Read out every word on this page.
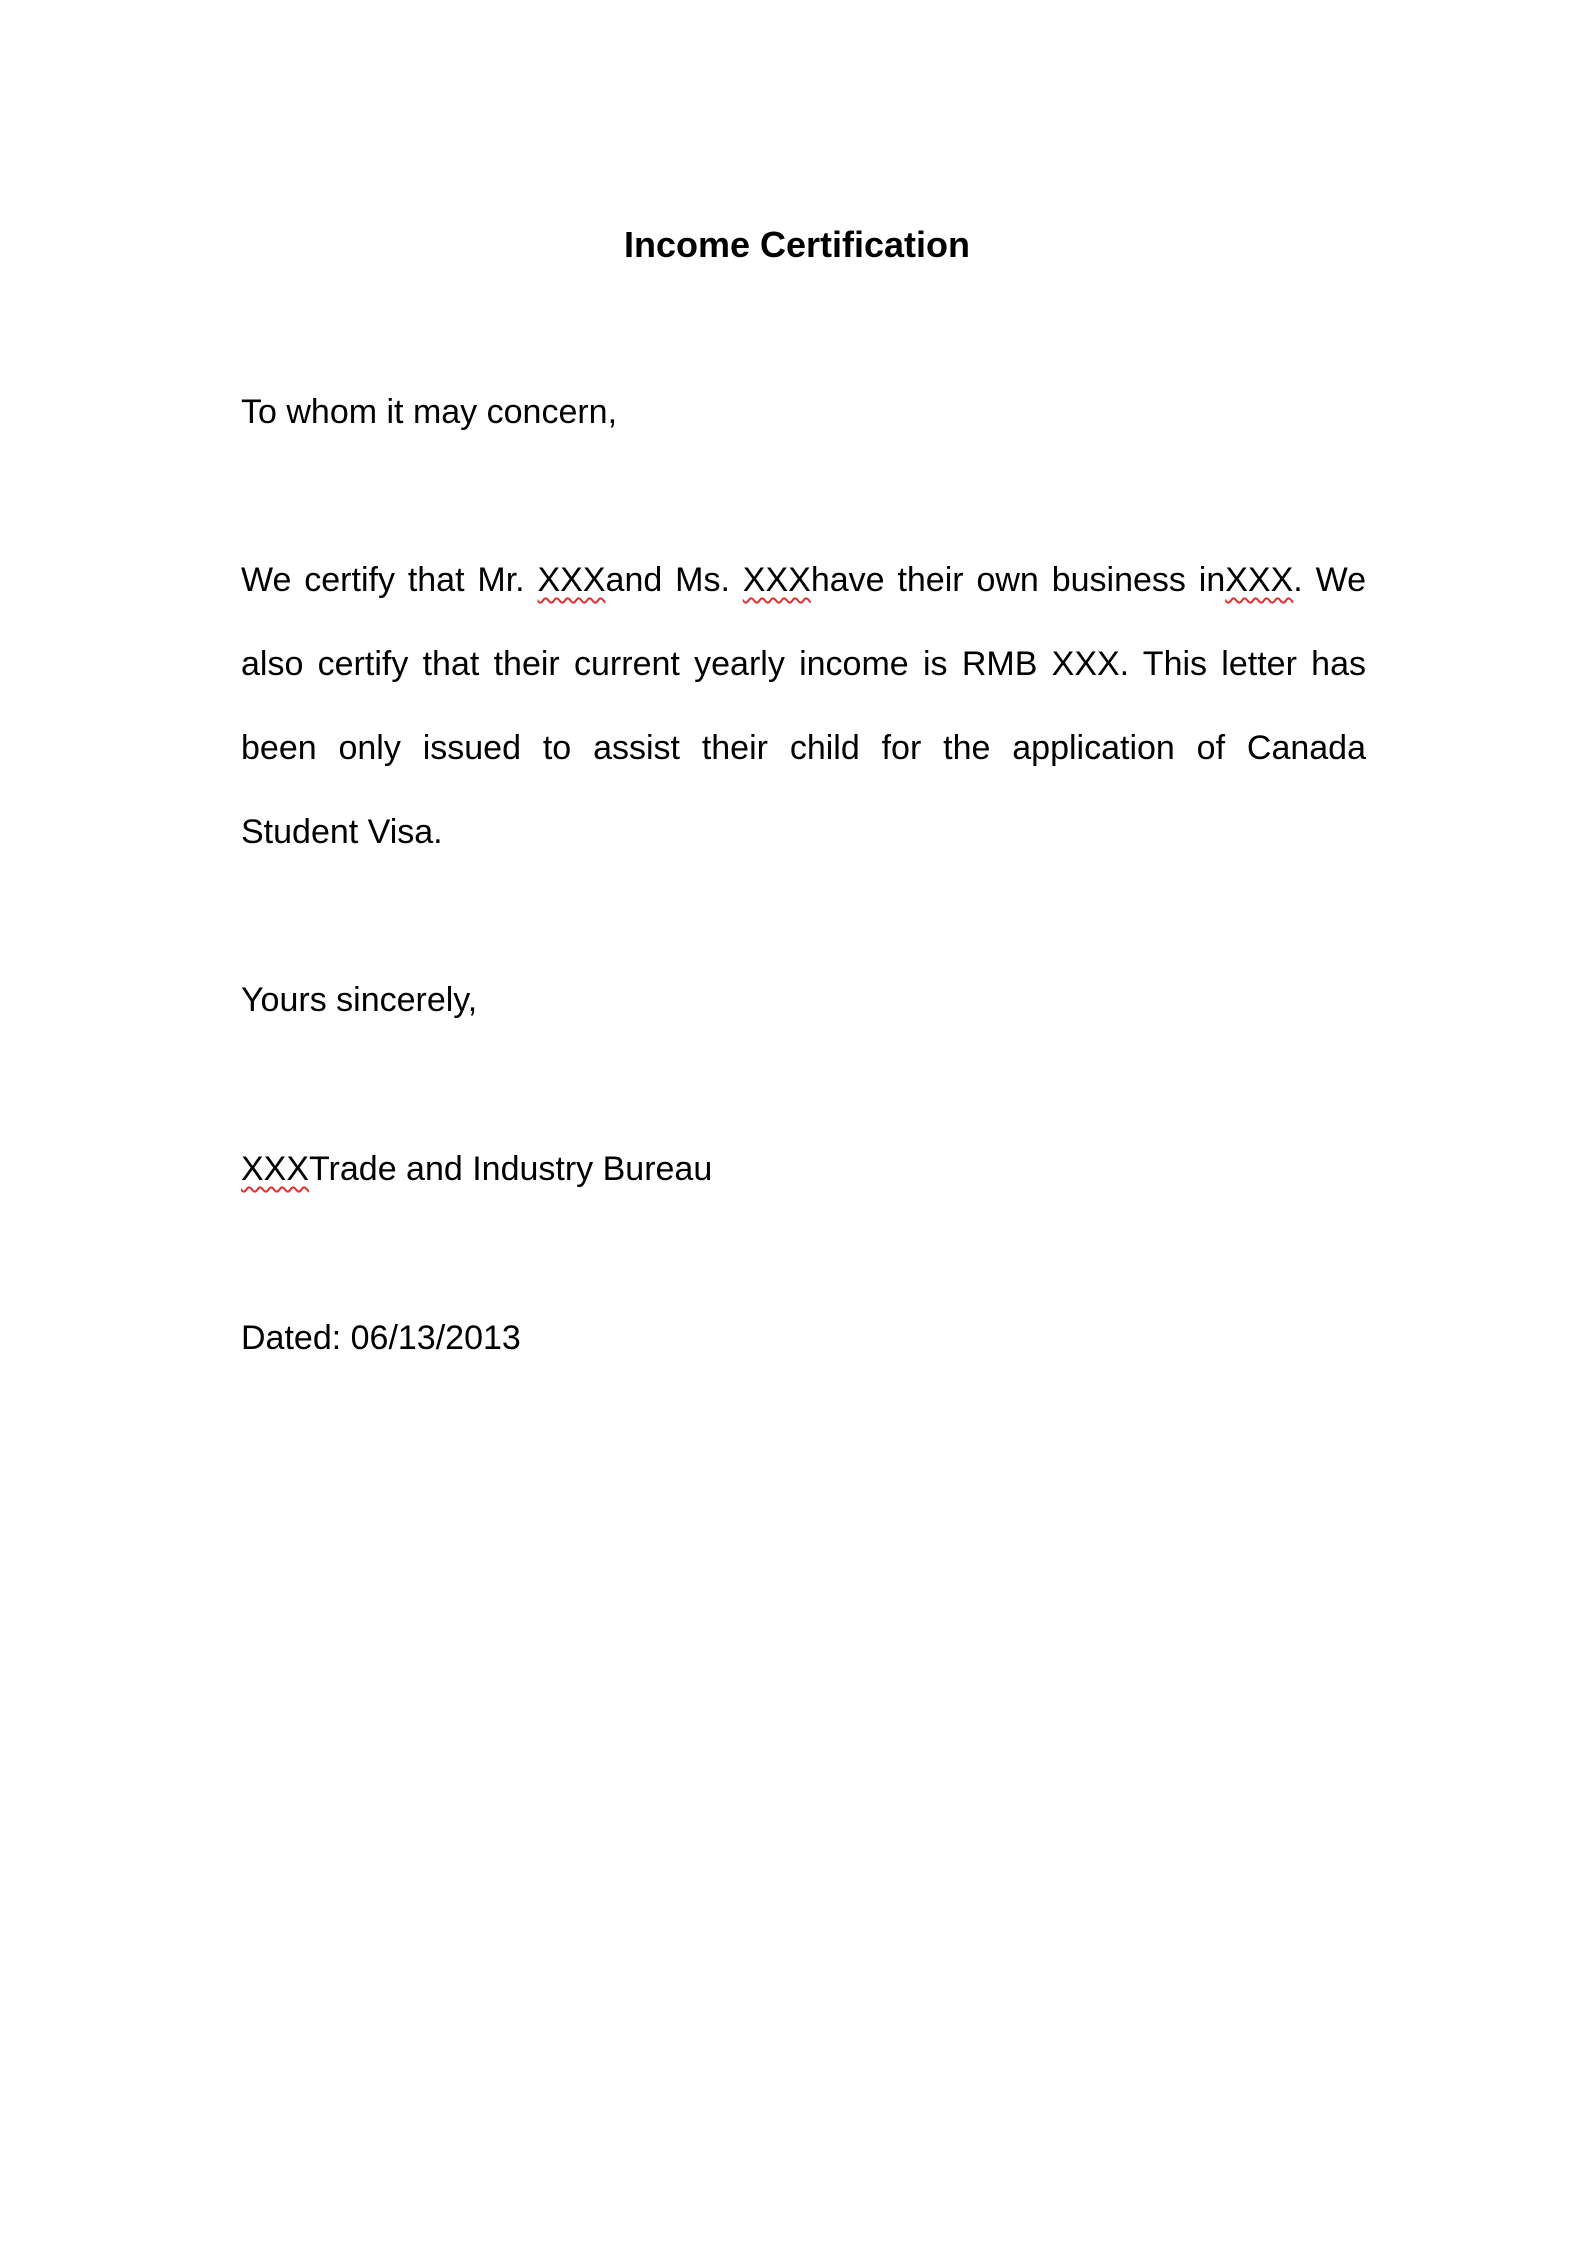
Income Certification
To whom it may concern,
We certify that Mr. XXXand Ms. XXXhave their own business inXXX. We
also certify that their current yearly income is RMB XXX. This letter has
been only issued to assist their child for the application of Canada
Student Visa.
Yours sincerely,
XXXTrade and Industry Bureau
Dated: 06/13/2013
